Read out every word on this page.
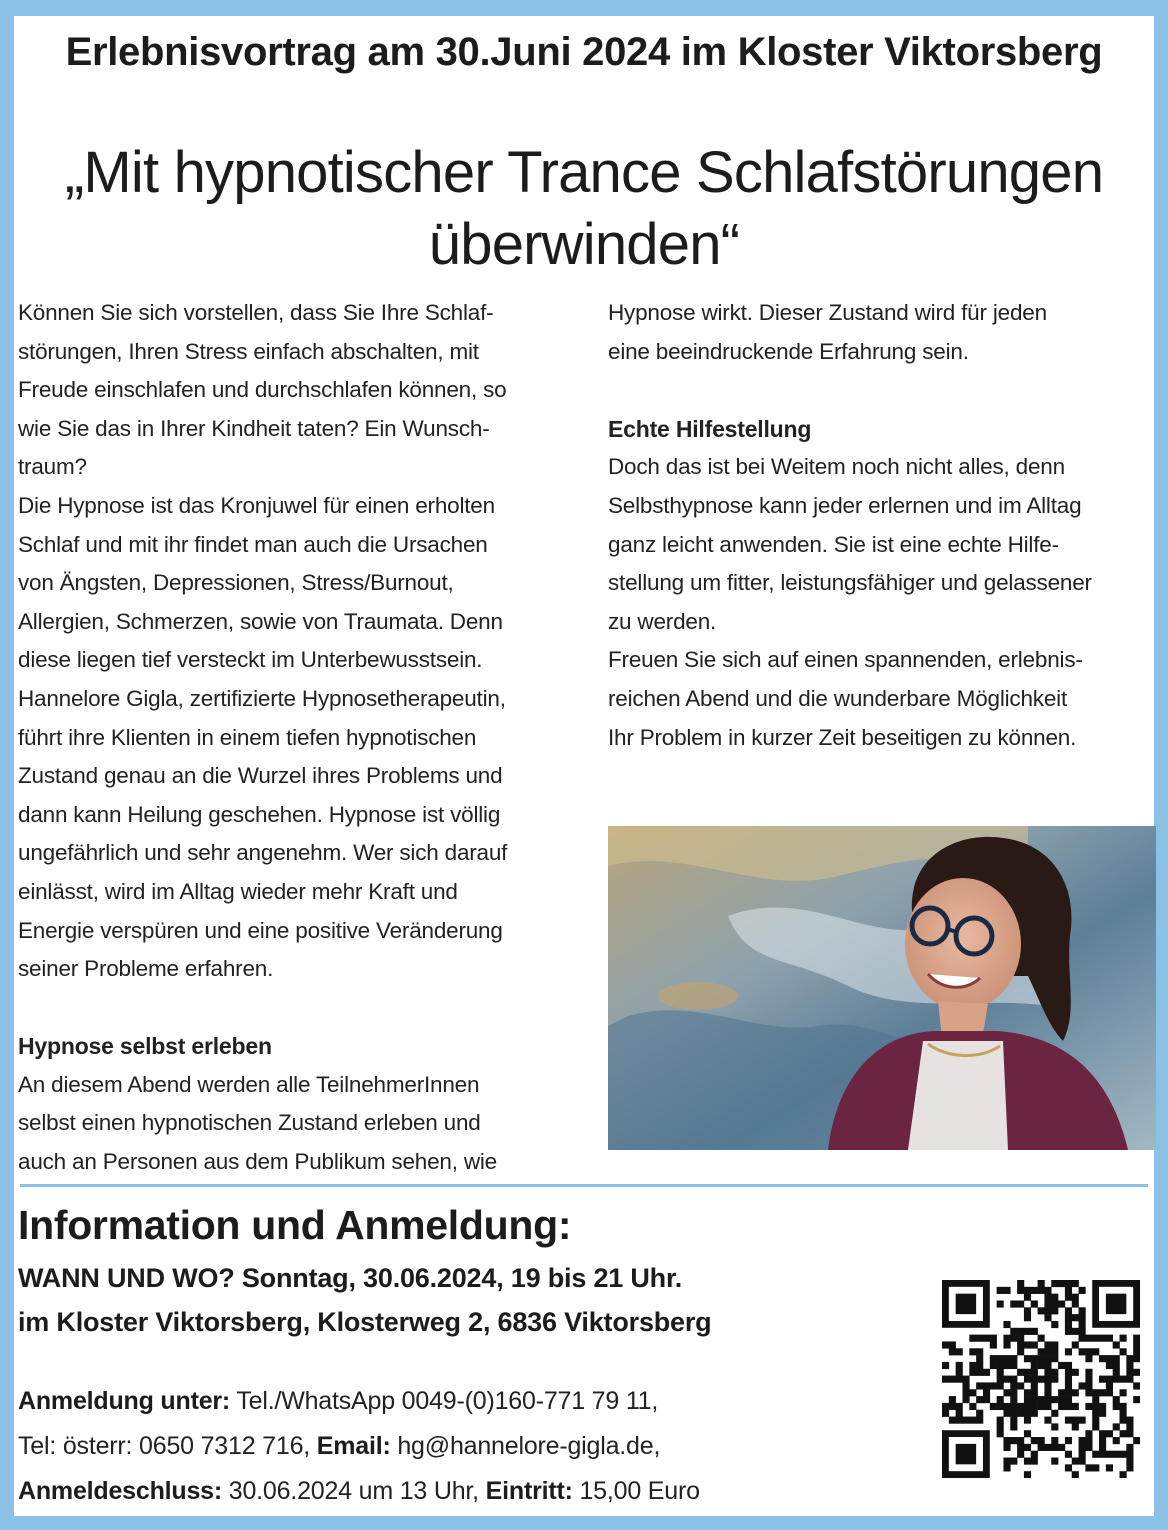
Erlebnisvortrag am 30.Juni 2024 im Kloster Viktorsberg
„Mit hypnotischer Trance Schlafstörungen
überwinden“

Können Sie sich vorstellen, dass Sie Ihre Schlaf-

störungen, Ihren Stress einfach abschalten, mit

Freude einschlafen und durchschlafen können, so

wie Sie das in Ihrer Kindheit taten? Ein Wunsch-

traum?

Die Hypnose ist das Kronjuwel für einen erholten

Schlaf und mit ihr findet man auch die Ursachen

von Ängsten, Depressionen, Stress/Burnout,

Allergien, Schmerzen, sowie von Traumata. Denn

diese liegen tief versteckt im Unterbewusstsein.

Hannelore Gigla, zertifizierte Hypnosetherapeutin,

führt ihre Klienten in einem tiefen hypnotischen

Zustand genau an die Wurzel ihres Problems und

dann kann Heilung geschehen. Hypnose ist völlig

ungefährlich und sehr angenehm. Wer sich darauf

einlässt, wird im Alltag wieder mehr Kraft und

Energie verspüren und eine positive Veränderung

seiner Probleme erfahren.

Hypnose selbst erleben

An diesem Abend werden alle TeilnehmerInnen

selbst einen hypnotischen Zustand erleben und

auch an Personen aus dem Publikum sehen, wie

Hypnose wirkt. Dieser Zustand wird für jeden

eine beeindruckende Erfahrung sein.

Echte Hilfestellung

Doch das ist bei Weitem noch nicht alles, denn

Selbsthypnose kann jeder erlernen und im Alltag

ganz leicht anwenden. Sie ist eine echte Hilfe-

stellung um fitter, leistungsfähiger und gelassener

zu werden.

Freuen Sie sich auf einen spannenden, erlebnis-

reichen Abend und die wunderbare Möglichkeit

Ihr Problem in kurzer Zeit beseitigen zu können.

Information und Anmeldung:
WANN UND WO? Sonntag, 30.06.2024, 19 bis 21 Uhr.
im Kloster Viktorsberg, Klosterweg 2, 6836 Viktorsberg
Anmeldung unter: Tel./WhatsApp 0049-(0)160-771 79 11,
Tel: österr: 0650 7312 716, Email: hg@hannelore-gigla.de,
Anmeldeschluss: 30.06.2024 um 13 Uhr, Eintritt: 15,00 Euro
